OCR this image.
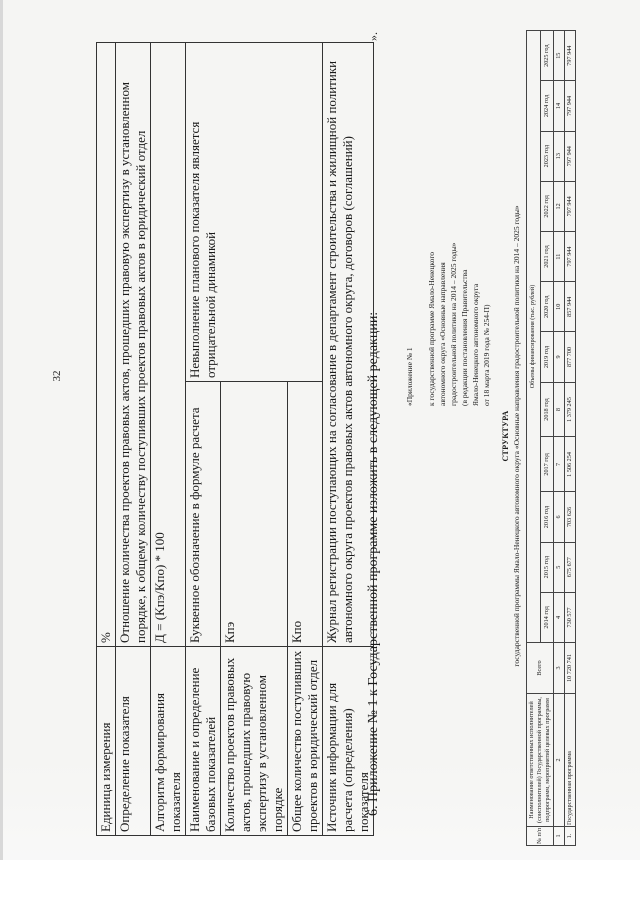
32
Единица измерения	%	
Определение показателя	Отношение количества проектов правовых актов, прошедших правовую экспертизу в установленном порядке, к общему количеству поступивших проектов правовых актов в юридический отдел	
Алгоритм формирования показателя	Д = (Кпэ/Кпо) * 100	
Наименование и определение базовых показателей	Буквенное обозначение в формуле расчета	Невыполнение планового показателя является отрицательной динамикой
Количество проектов правовых актов, прошедших правовую экспертизу в установленном порядке	Кпэ	
Общее количество поступивших проектов в юридический отдел	Кпо	
Источник информации для расчета (определения) показателя	Журнал регистрации поступающих на согласование в департамент строительства и жилищной политики автономного округа проектов правовых актов автономного округа, договоров (соглашений)	
».
6. Приложение № 1 к Государственной программе изложить в следующей редакции:	«Приложение № 1
к государственной программе Ямало-Ненецкого автономного округа «Основные направления градостроительной политики на 2014 – 2025 годы» (в редакции постановления Правительства Ямало-Ненецкого автономного округа от 18 марта 2019 года № 254-П)
СТРУКТУРА государственной программы Ямало-Ненецкого автономного округа «Основные направления градостроительной политики на 2014 – 2025 годы»
№ п/п	Наименование ответственных исполнителей (соисполнителей) Государственной программы, подпрограмм, мероприятий целевых программ	Всего	Объемы финансирования (тыс. рублей)											
			2014 год	2015 год	2016 год	2017 год	2018 год	2019 год	2020 год	2021 год	2022 год	2023 год	2024 год	2025 год
1	2	3	4	5	6	7	8	9	10	11	12	13	14	15
1.	Государственная программа	10 720 741	730 577	675 677	703 626	1 506 254	1 379 245	877 700	857 944	797 944	797 944	797 944	797 944	797 944
